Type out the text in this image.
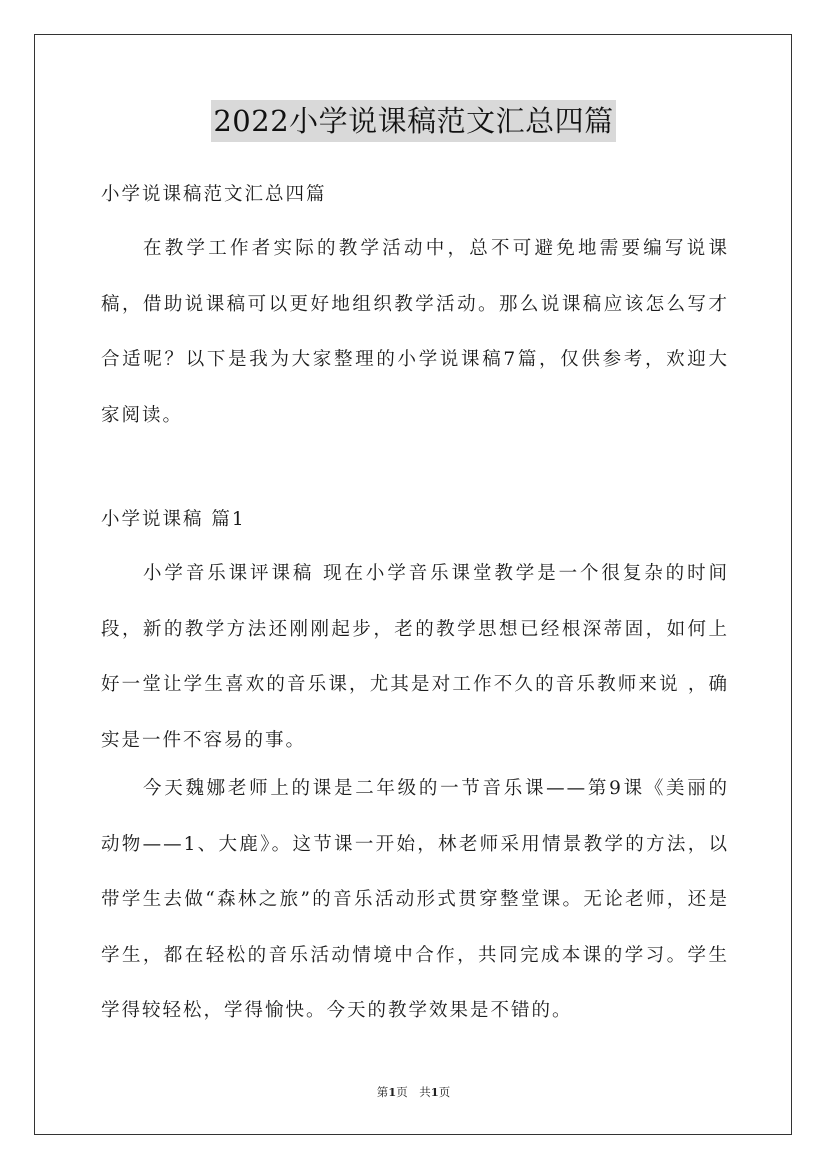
2022小学说课稿范文汇总四篇
小学说课稿范文汇总四篇
在教学工作者实际的教学活动中，总不可避免地需要编写说课稿，借助说课稿可以更好地组织教学活动。那么说课稿应该怎么写才合适呢？以下是我为大家整理的小学说课稿7篇，仅供参考，欢迎大家阅读。
小学说课稿 篇1
小学音乐课评课稿 现在小学音乐课堂教学是一个很复杂的时间段，新的教学方法还刚刚起步，老的教学思想已经根深蒂固，如何上好一堂让学生喜欢的音乐课，尤其是对工作不久的音乐教师来说 ，确实是一件不容易的事。
今天魏娜老师上的课是二年级的一节音乐课——第9课《美丽的动物——1、大鹿》。这节课一开始，林老师采用情景教学的方法，以带学生去做“森林之旅”的音乐活动形式贯穿整堂课。无论老师，还是学生，都在轻松的音乐活动情境中合作，共同完成本课的学习。学生学得较轻松，学得愉快。今天的教学效果是不错的。
第1页　共1页
